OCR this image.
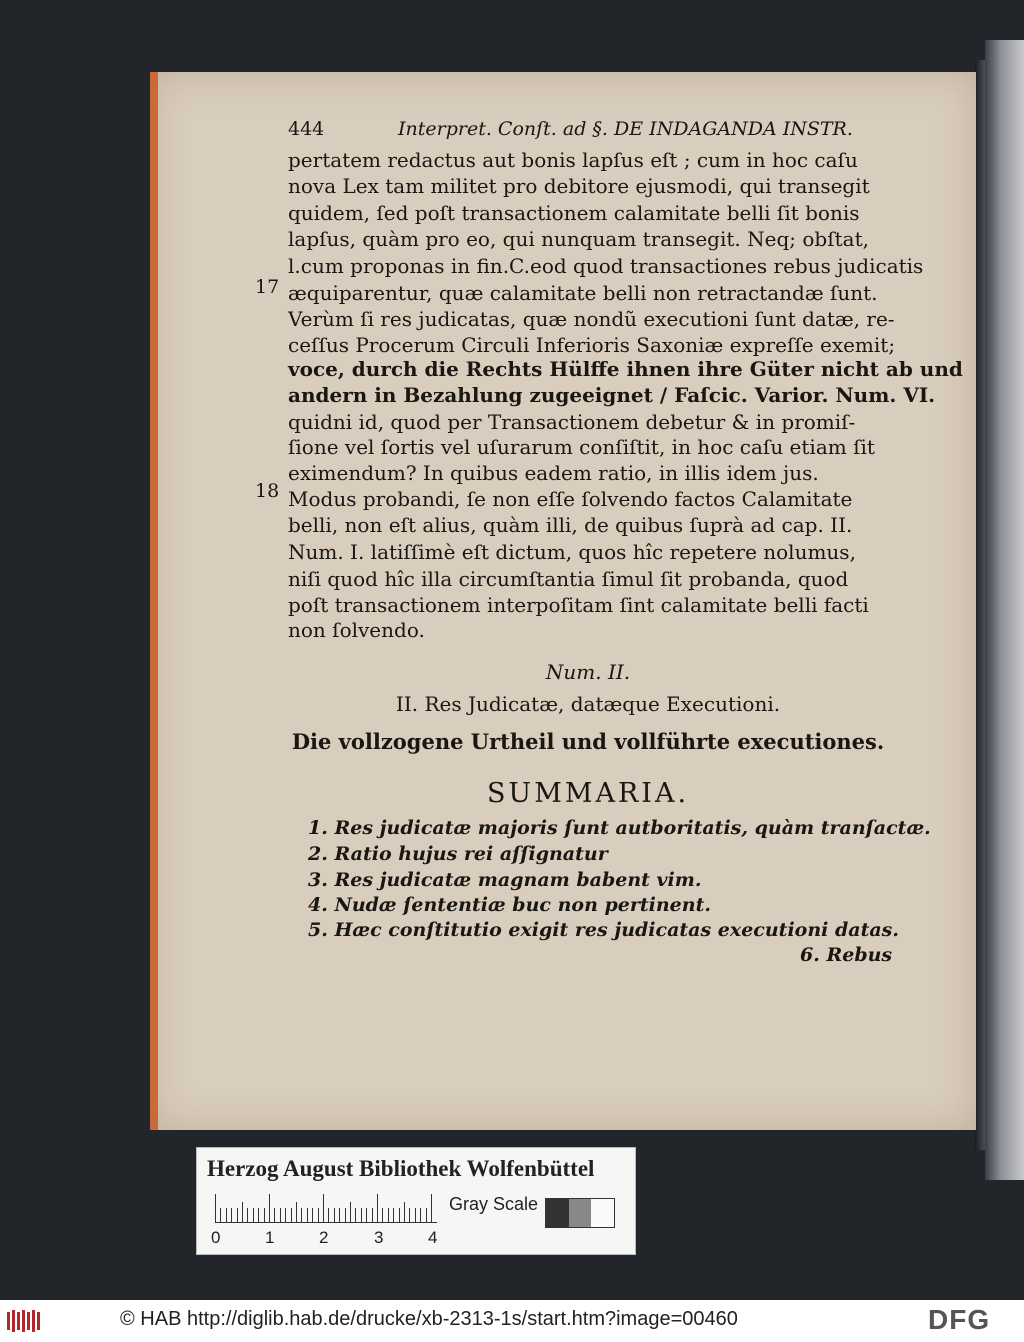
444	Interpret. Conſt. ad §. DE INDAGANDA INSTR.
pertatem redactus aut bonis lapſus eſt ; cum in hoc caſu
nova Lex tam militet pro debitore ejusmodi, qui transegit
quidem, ſed poſt transactionem calamitate belli ſit bonis
lapſus, quàm pro eo, qui nunquam transegit. Neq; obſtat,
l.cum proponas in fin.C.eod quod transactiones rebus judicatis
æquiparentur, quæ calamitate belli non retractandæ ſunt.
Verùm ſi res judicatas, quæ nondũ executioni ſunt datæ, re-
ceſſus Procerum Circuli Inferioris Saxoniæ expreſſe exemit;
voce, durch die Rechts Hülffe ihnen ihre Güter nicht ab und
andern in Bezahlung zugeeignet / Faſcic. Varior. Num. VI.
quidni id, quod per Transactionem debetur & in promiſ-
ſione vel ſortis vel uſurarum conſiſtit, in hoc caſu etiam ſit
eximendum? In quibus eadem ratio, in illis idem jus.
Modus probandi, ſe non eſſe ſolvendo factos Calamitate
belli, non eſt alius, quàm illi, de quibus ſuprà ad cap. II.
Num. I. latiſſimè eſt dictum, quos hîc repetere nolumus,
niſi quod hîc illa circumſtantia ſimul ſit probanda, quod
poſt transactionem interpoſitam ſint calamitate belli facti
non ſolvendo.
17
18
Num. II.
II. Res Judicatæ, datæque Executioni.
Die vollzogene Urtheil und vollführte executiones.
SUMMARIA.
1. Res judicatæ majoris ſunt autboritatis, quàm tranſactæ.
2. Ratio hujus rei aſſignatur
3. Res judicatæ magnam babent vim.
4. Nudæ ſententiæ buc non pertinent.
5. Hæc conſtitutio exigit res judicatas executioni datas.
6. Rebus
Herzog August Bibliothek Wolfenbüttel
0	1	2	3	4
Gray Scale
© HAB http://diglib.hab.de/drucke/xb-2313-1s/start.htm?image=00460	DFG
